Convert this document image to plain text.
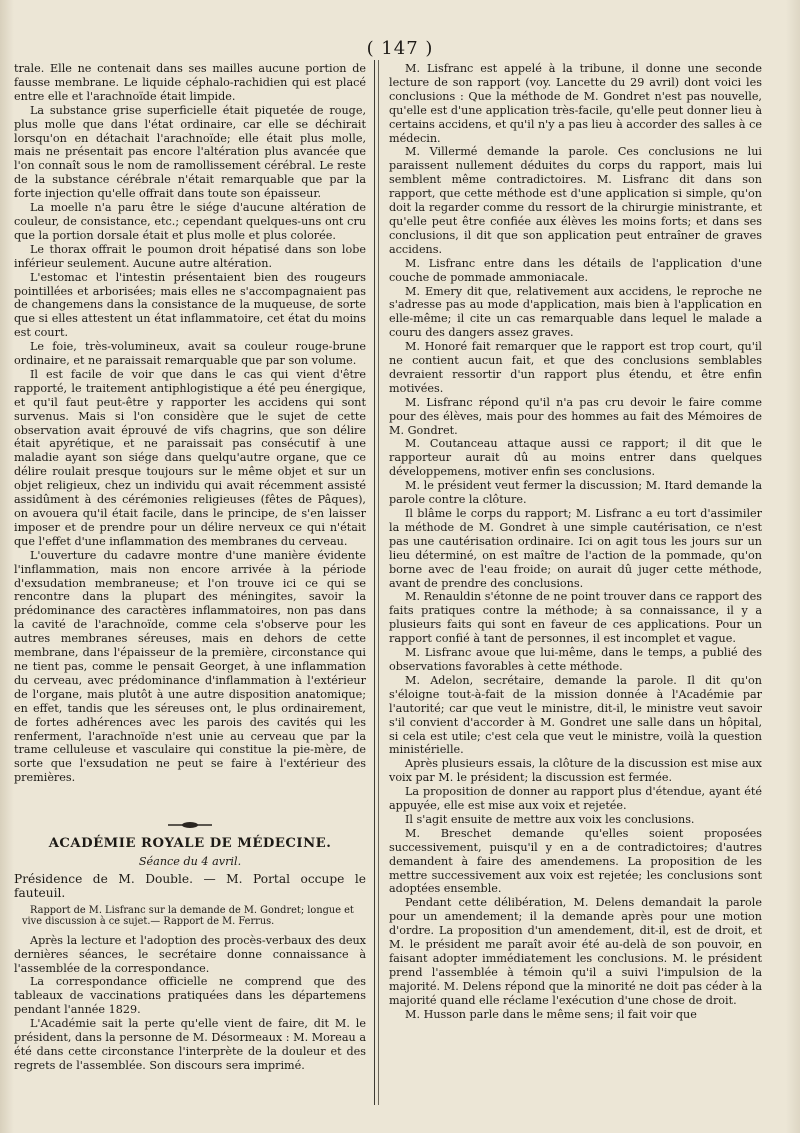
( 147 )

trale. Elle ne contenait dans ses mailles aucune portion de fausse membrane. Le liquide céphalo-rachidien qui est placé entre elle et l'arachnoïde était limpide.

La substance grise superficielle était piquetée de rouge, plus molle que dans l'état ordinaire, car elle se déchirait lorsqu'on en détachait l'arachnoïde; elle était plus molle, mais ne présentait pas encore l'altération plus avancée que l'on connaît sous le nom de ramollissement cérébral. Le reste de la substance cérébrale n'était remarquable que par la forte injection qu'elle offrait dans toute son épaisseur.

La moelle n'a paru être le siége d'aucune altération de couleur, de consistance, etc.; cependant quelques-uns ont cru que la portion dorsale était et plus molle et plus colorée.

Le thorax offrait le poumon droit hépatisé dans son lobe inférieur seulement. Aucune autre altération.

L'estomac et l'intestin présentaient bien des rougeurs pointillées et arborisées; mais elles ne s'accompagnaient pas de changemens dans la consistance de la muqueuse, de sorte que si elles attestent un état inflammatoire, cet état du moins est court.

Le foie, très-volumineux, avait sa couleur rouge-brune ordinaire, et ne paraissait remarquable que par son volume.

Il est facile de voir que dans le cas qui vient d'être rapporté, le traitement antiphlogistique a été peu énergique, et qu'il faut peut-être y rapporter les accidens qui sont survenus. Mais si l'on considère que le sujet de cette observation avait éprouvé de vifs chagrins, que son délire était apyrétique, et ne paraissait pas consécutif à une maladie ayant son siége dans quelqu'autre organe, que ce délire roulait presque toujours sur le même objet et sur un objet religieux, chez un individu qui avait récemment assisté assidûment à des cérémonies religieuses (fêtes de Pâques), on avouera qu'il était facile, dans le principe, de s'en laisser imposer et de prendre pour un délire nerveux ce qui n'était que l'effet d'une inflammation des membranes du cerveau.

L'ouverture du cadavre montre d'une manière évidente l'inflammation, mais non encore arrivée à la période d'exsudation membraneuse; et l'on trouve ici ce qui se rencontre dans la plupart des méningites, savoir la prédominance des caractères inflammatoires, non pas dans la cavité de l'arachnoïde, comme cela s'observe pour les autres membranes séreuses, mais en dehors de cette membrane, dans l'épaisseur de la première, circonstance qui ne tient pas, comme le pensait Georget, à une inflammation du cerveau, avec prédominance d'inflammation à l'extérieur de l'organe, mais plutôt à une autre disposition anatomique; en effet, tandis que les séreuses ont, le plus ordinairement, de fortes adhérences avec les parois des cavités qui les renferment, l'arachnoïde n'est unie au cerveau que par la trame celluleuse et vasculaire qui constitue la pie-mère, de sorte que l'exsudation ne peut se faire à l'extérieur des premières.

ACADÉMIE ROYALE DE MÉDECINE.
Séance du 4 avril.

Présidence de M. Double. — M. Portal occupe le fauteuil.

Rapport de M. Lisfranc sur la demande de M. Gondret; longue et vive discussion à ce sujet.— Rapport de M. Ferrus.

Après la lecture et l'adoption des procès-verbaux des deux dernières séances, le secrétaire donne connaissance à l'assemblée de la correspondance.

La correspondance officielle ne comprend que des tableaux de vaccinations pratiquées dans les départemens pendant l'année 1829.

L'Académie sait la perte qu'elle vient de faire, dit M. le président, dans la personne de M. Désormeaux : M. Moreau a été dans cette circonstance l'interprète de la douleur et des regrets de l'assemblée. Son discours sera imprimé.

M. Lisfranc est appelé à la tribune, il donne une seconde lecture de son rapport (voy. Lancette du 29 avril) dont voici les conclusions : Que la méthode de M. Gondret n'est pas nouvelle, qu'elle est d'une application très-facile, qu'elle peut donner lieu à certains accidens, et qu'il n'y a pas lieu à accorder des salles à ce médecin.

M. Villermé demande la parole. Ces conclusions ne lui paraissent nullement déduites du corps du rapport, mais lui semblent même contradictoires. M. Lisfranc dit dans son rapport, que cette méthode est d'une application si simple, qu'on doit la regarder comme du ressort de la chirurgie ministrante, et qu'elle peut être confiée aux élèves les moins forts; et dans ses conclusions, il dit que son application peut entraîner de graves accidens.

M. Lisfranc entre dans les détails de l'application d'une couche de pommade ammoniacale.

M. Emery dit que, relativement aux accidens, le reproche ne s'adresse pas au mode d'application, mais bien à l'application en elle-même; il cite un cas remarquable dans lequel le malade a couru des dangers assez graves.

M. Honoré fait remarquer que le rapport est trop court, qu'il ne contient aucun fait, et que des conclusions semblables devraient ressortir d'un rapport plus étendu, et être enfin motivées.

M. Lisfranc répond qu'il n'a pas cru devoir le faire comme pour des élèves, mais pour des hommes au fait des Mémoires de M. Gondret.

M. Coutanceau attaque aussi ce rapport; il dit que le rapporteur aurait dû au moins entrer dans quelques développemens, motiver enfin ses conclusions.

M. le président veut fermer la discussion; M. Itard demande la parole contre la clôture.

Il blâme le corps du rapport; M. Lisfranc a eu tort d'assimiler la méthode de M. Gondret à une simple cautérisation, ce n'est pas une cautérisation ordinaire. Ici on agit tous les jours sur un lieu déterminé, on est maître de l'action de la pommade, qu'on borne avec de l'eau froide; on aurait dû juger cette méthode, avant de prendre des conclusions.

M. Renauldin s'étonne de ne point trouver dans ce rapport des faits pratiques contre la méthode; à sa connaissance, il y a plusieurs faits qui sont en faveur de ces applications. Pour un rapport confié à tant de personnes, il est incomplet et vague.

M. Lisfranc avoue que lui-même, dans le temps, a publié des observations favorables à cette méthode.

M. Adelon, secrétaire, demande la parole. Il dit qu'on s'éloigne tout-à-fait de la mission donnée à l'Académie par l'autorité; car que veut le ministre, dit-il, le ministre veut savoir s'il convient d'accorder à M. Gondret une salle dans un hôpital, si cela est utile; c'est cela que veut le ministre, voilà la question ministérielle.

Après plusieurs essais, la clôture de la discussion est mise aux voix par M. le président; la discussion est fermée.

La proposition de donner au rapport plus d'étendue, ayant été appuyée, elle est mise aux voix et rejetée.

Il s'agit ensuite de mettre aux voix les conclusions.

M. Breschet demande qu'elles soient proposées successivement, puisqu'il y en a de contradictoires; d'autres demandent à faire des amendemens. La proposition de les mettre successivement aux voix est rejetée; les conclusions sont adoptées ensemble.

Pendant cette délibération, M. Delens demandait la parole pour un amendement; il la demande après pour une motion d'ordre. La proposition d'un amendement, dit-il, est de droit, et M. le président me paraît avoir été au-delà de son pouvoir, en faisant adopter immédiatement les conclusions. M. le président prend l'assemblée à témoin qu'il a suivi l'impulsion de la majorité. M. Delens répond que la minorité ne doit pas céder à la majorité quand elle réclame l'exécution d'une chose de droit.

M. Husson parle dans le même sens; il fait voir que
